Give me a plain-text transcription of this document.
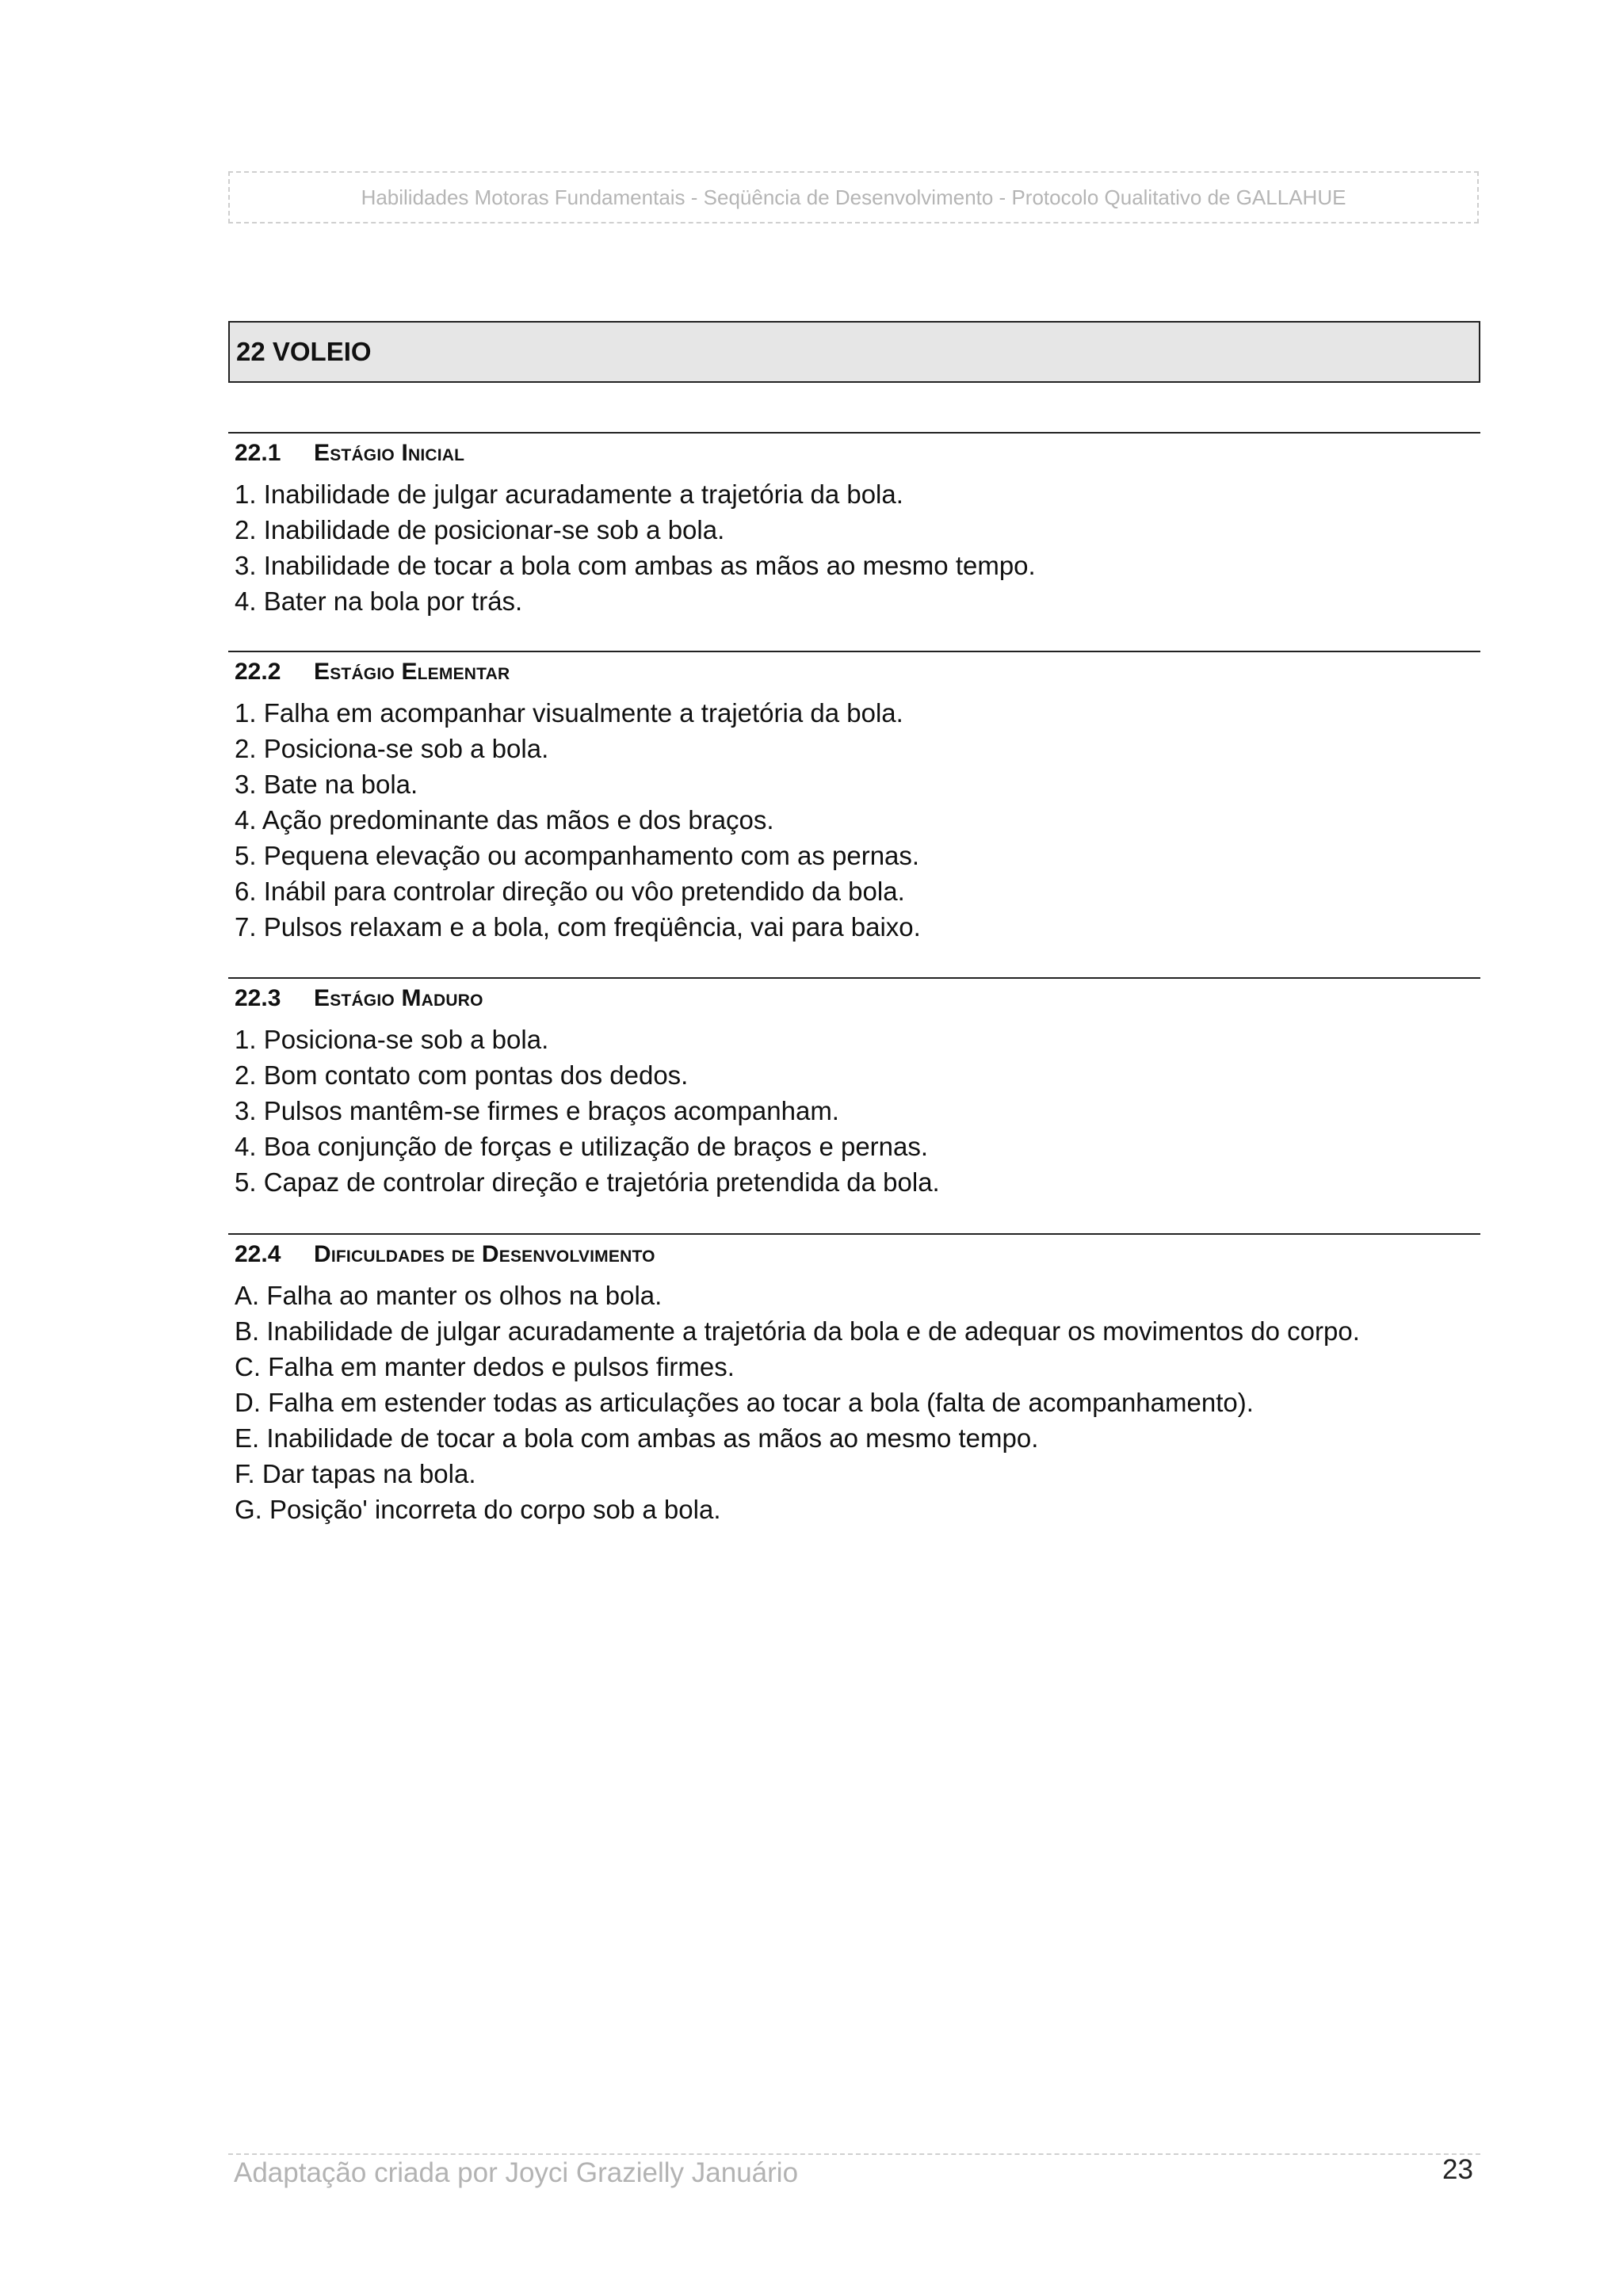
Habilidades Motoras Fundamentais - Seqüência de Desenvolvimento - Protocolo Qualitativo de GALLAHUE
22 VOLEIO
22.1	Estágio Inicial
1. Inabilidade de julgar acuradamente a trajetória da bola.
2. Inabilidade de posicionar-se sob a bola.
3. Inabilidade de tocar a bola com ambas as mãos ao mesmo tempo.
4. Bater na bola por trás.
22.2	Estágio Elementar
1. Falha em acompanhar visualmente a trajetória da bola.
2. Posiciona-se sob a bola.
3. Bate na bola.
4. Ação predominante das mãos e dos braços.
5. Pequena elevação ou acompanhamento com as pernas.
6. Inábil para controlar direção ou vôo pretendido da bola.
7. Pulsos relaxam e a bola, com freqüência, vai para baixo.
22.3	Estágio Maduro
1. Posiciona-se sob a bola.
2. Bom contato com pontas dos dedos.
3. Pulsos mantêm-se firmes e braços acompanham.
4. Boa conjunção de forças e utilização de braços e pernas.
5. Capaz de controlar direção e trajetória pretendida da bola.
22.4	Dificuldades de Desenvolvimento
A. Falha ao manter os olhos na bola.
B. Inabilidade de julgar acuradamente a trajetória da bola e de adequar os movimentos do corpo.
C. Falha em manter dedos e pulsos firmes.
D. Falha em estender todas as articulações ao tocar a bola (falta de acompanhamento).
E. Inabilidade de tocar a bola com ambas as mãos ao mesmo tempo.
F. Dar tapas na bola.
G. Posição' incorreta do corpo sob a bola.
Adaptação criada por Joyci Grazielly Januário	23
